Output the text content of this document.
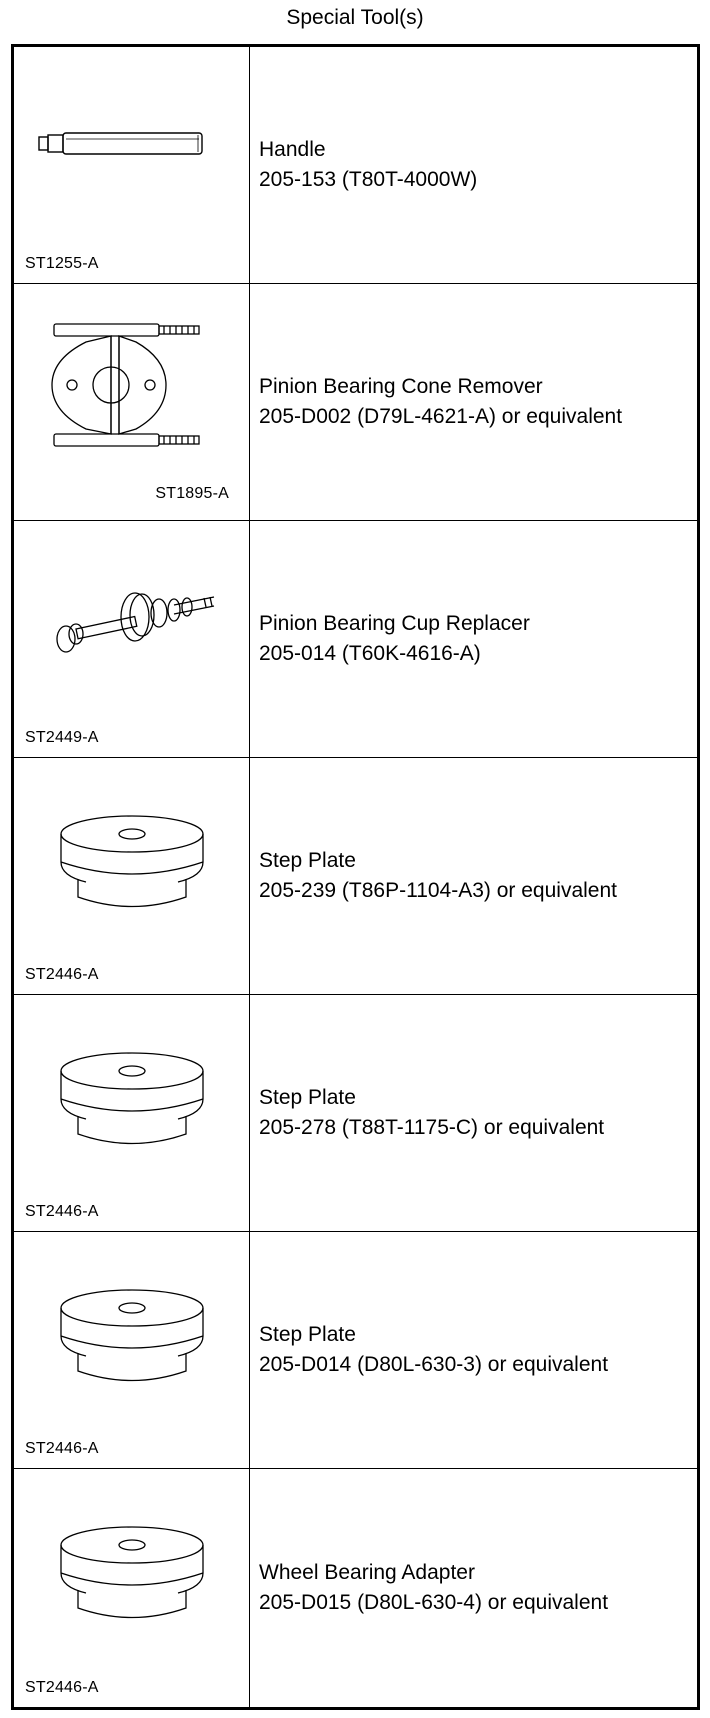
Special Tool(s)
ST1255-A
Handle
205-153 (T80T-4000W)
ST1895-A
Pinion Bearing Cone Remover
205-D002 (D79L-4621-A) or equivalent
ST2449-A
Pinion Bearing Cup Replacer
205-014 (T60K-4616-A)
ST2446-A
Step Plate
205-239 (T86P-1104-A3) or equivalent
ST2446-A
Step Plate
205-278 (T88T-1175-C) or equivalent
ST2446-A
Step Plate
205-D014 (D80L-630-3) or equivalent
ST2446-A
Wheel Bearing Adapter
205-D015 (D80L-630-4) or equivalent
